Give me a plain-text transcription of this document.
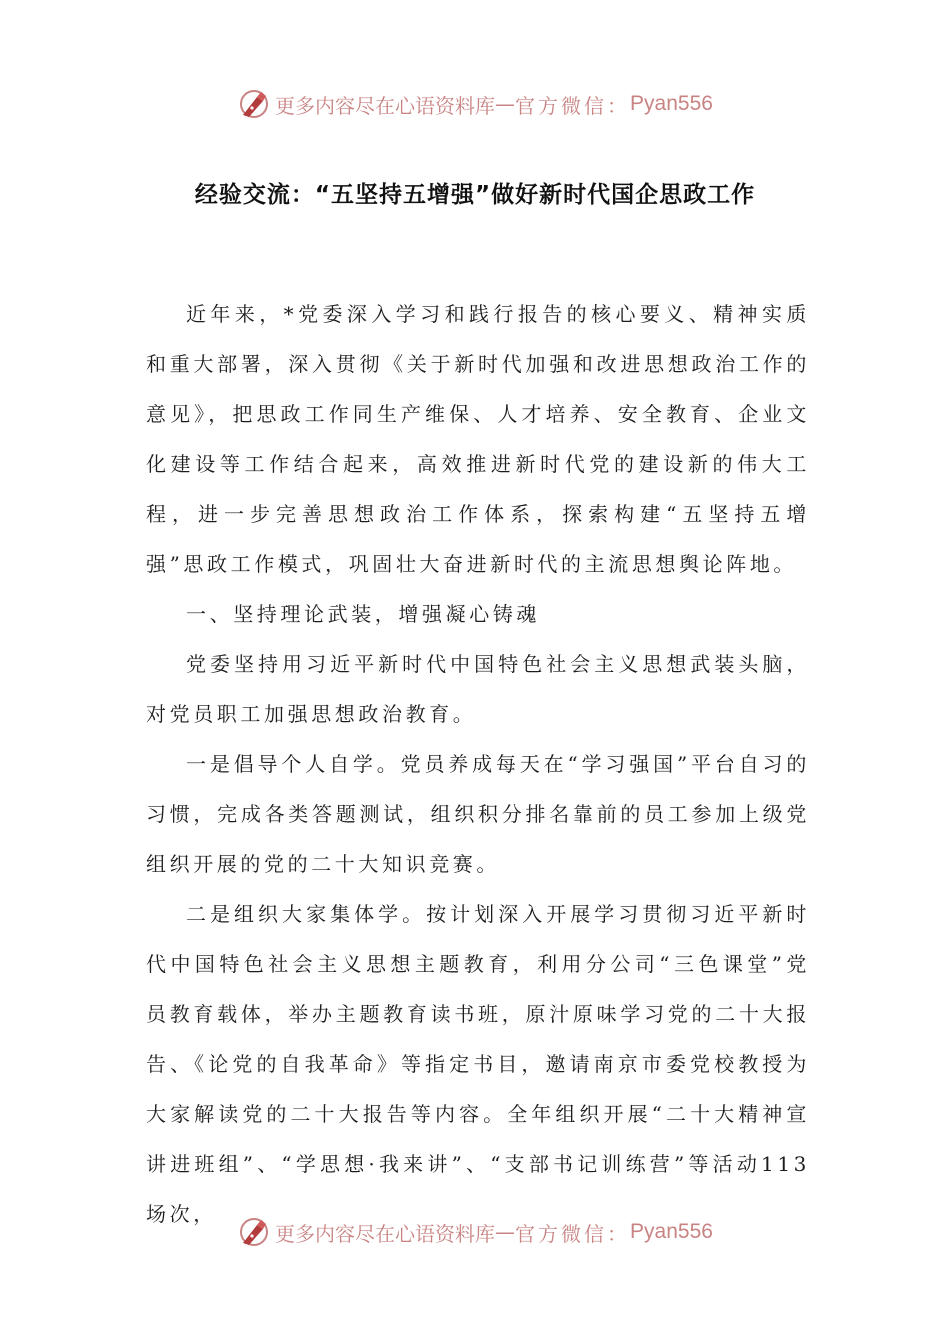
更多内容尽在心语资料库 — 官方微信： Pyan556
经验交流：“五坚持五增强”做好新时代国企思政工作

近年来，*党委深入学习和践行报告的核心要义、精神实质和重大部署，深入贯彻《关于新时代加强和改进思想政治工作的意见》，把思政工作同生产维保、人才培养、安全教育、企业文化建设等工作结合起来，高效推进新时代党的建设新的伟大工程，进一步完善思想政治工作体系，探索构建“五坚持五增强”思政工作模式，巩固壮大奋进新时代的主流思想舆论阵地。

一、坚持理论武装，增强凝心铸魂

党委坚持用习近平新时代中国特色社会主义思想武装头脑，对党员职工加强思想政治教育。

一是倡导个人自学。党员养成每天在“学习强国”平台自习的习惯，完成各类答题测试，组织积分排名靠前的员工参加上级党组织开展的党的二十大知识竞赛。

二是组织大家集体学。按计划深入开展学习贯彻习近平新时代中国特色社会主义思想主题教育，利用分公司“三色课堂”党员教育载体，举办主题教育读书班，原汁原味学习党的二十大报告、《论党的自我革命》等指定书目，邀请南京市委党校教授为大家解读党的二十大报告等内容。全年组织开展“二十大精神宣讲进班组”、“学思想·我来讲”、“支部书记训练营”等活动113场次，

更多内容尽在心语资料库 — 官方微信： Pyan556
